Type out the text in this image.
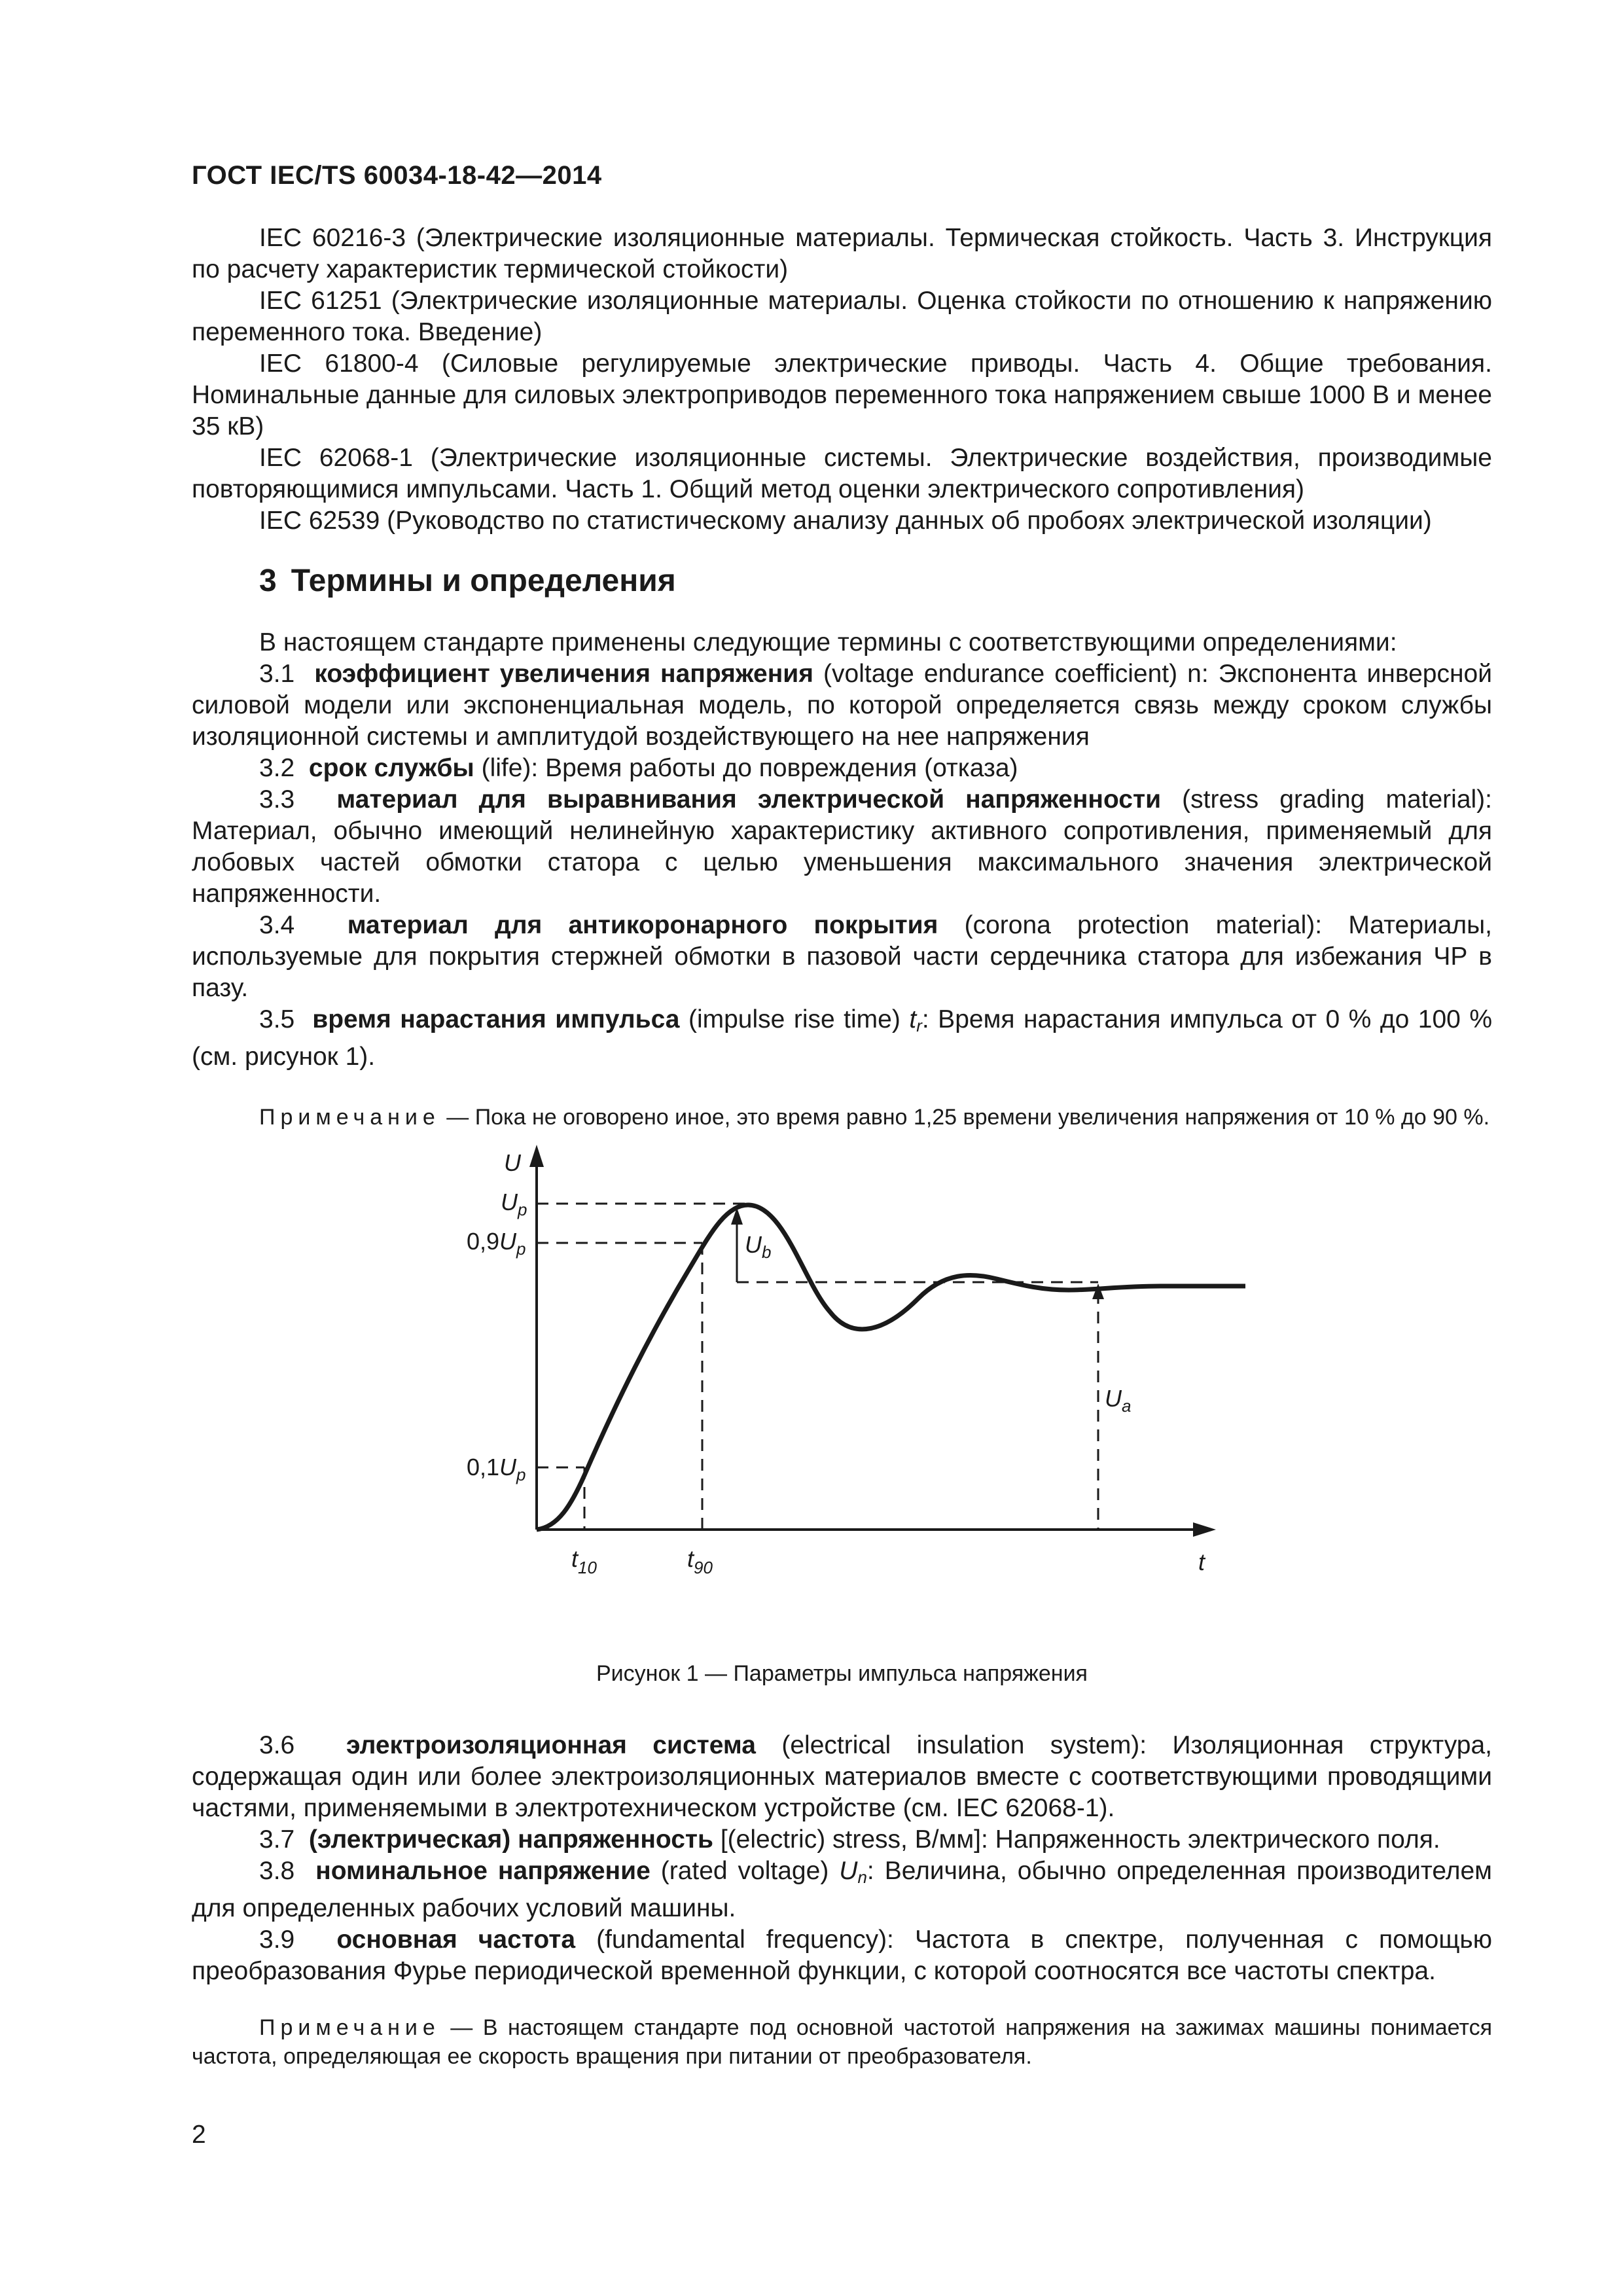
ГОСТ IEC/TS 60034-18-42—2014

IEC 60216-3 (Электрические изоляционные материалы. Термическая стойкость. Часть 3. Инструкция по расчету характеристик термической стойкости)

IEC 61251 (Электрические изоляционные материалы. Оценка стойкости по отношению к напряжению переменного тока. Введение)

IEC 61800-4 (Силовые регулируемые электрические приводы. Часть 4. Общие требования. Номинальные данные для силовых электроприводов переменного тока напряжением свыше 1000 В и менее 35 кВ)

IEC 62068-1 (Электрические изоляционные системы. Электрические воздействия, производимые повторяющимися импульсами. Часть 1. Общий метод оценки электрического сопротивления)

IEC 62539 (Руководство по статистическому анализу данных об пробоях электрической изоляции)

3 Термины и определения

В настоящем стандарте применены следующие термины с соответствующими определениями:

3.1 коэффициент увеличения напряжения (voltage endurance coefficient) n: Экспонента инверсной силовой модели или экспоненциальная модель, по которой определяется связь между сроком службы изоляционной системы и амплитудой воздействующего на нее напряжения

3.2 срок службы (life): Время работы до повреждения (отказа)

3.3 материал для выравнивания электрической напряженности (stress grading material): Материал, обычно имеющий нелинейную характеристику активного сопротивления, применяемый для лобовых частей обмотки статора с целью уменьшения максимального значения электрической напряженности.

3.4 материал для антикоронарного покрытия (corona protection material): Материалы, используемые для покрытия стержней обмотки в пазовой части сердечника статора для избежания ЧР в пазу.

3.5 время нарастания импульса (impulse rise time) $t_r$: Время нарастания импульса от 0 % до 100 % (см. рисунок 1).

Примечание — Пока не оговорено иное, это время равно 1,25 времени увеличения напряжения от 10 % до 90 %.

U
t
$U_p$
$0,9U_p$
$0,1U_p$
$t_{10}$	$t_{90}$
$U_b$
$U_a$
Рисунок 1 — Параметры импульса напряжения

3.6 электроизоляционная система (electrical insulation system): Изоляционная структура, содержащая один или более электроизоляционных материалов вместе с соответствующими проводящими частями, применяемыми в электротехническом устройстве (см. IEC 62068-1).

3.7 (электрическая) напряженность [(electric) stress, В/мм]: Напряженность электрического поля.

3.8 номинальное напряжение (rated voltage) $U_n$: Величина, обычно определенная производителем для определенных рабочих условий машины.

3.9 основная частота (fundamental frequency): Частота в спектре, полученная с помощью преобразования Фурье периодической временной функции, с которой соотносятся все частоты спектра.

Примечание — В настоящем стандарте под основной частотой напряжения на зажимах машины понимается частота, определяющая ее скорость вращения при питании от преобразователя.

2
